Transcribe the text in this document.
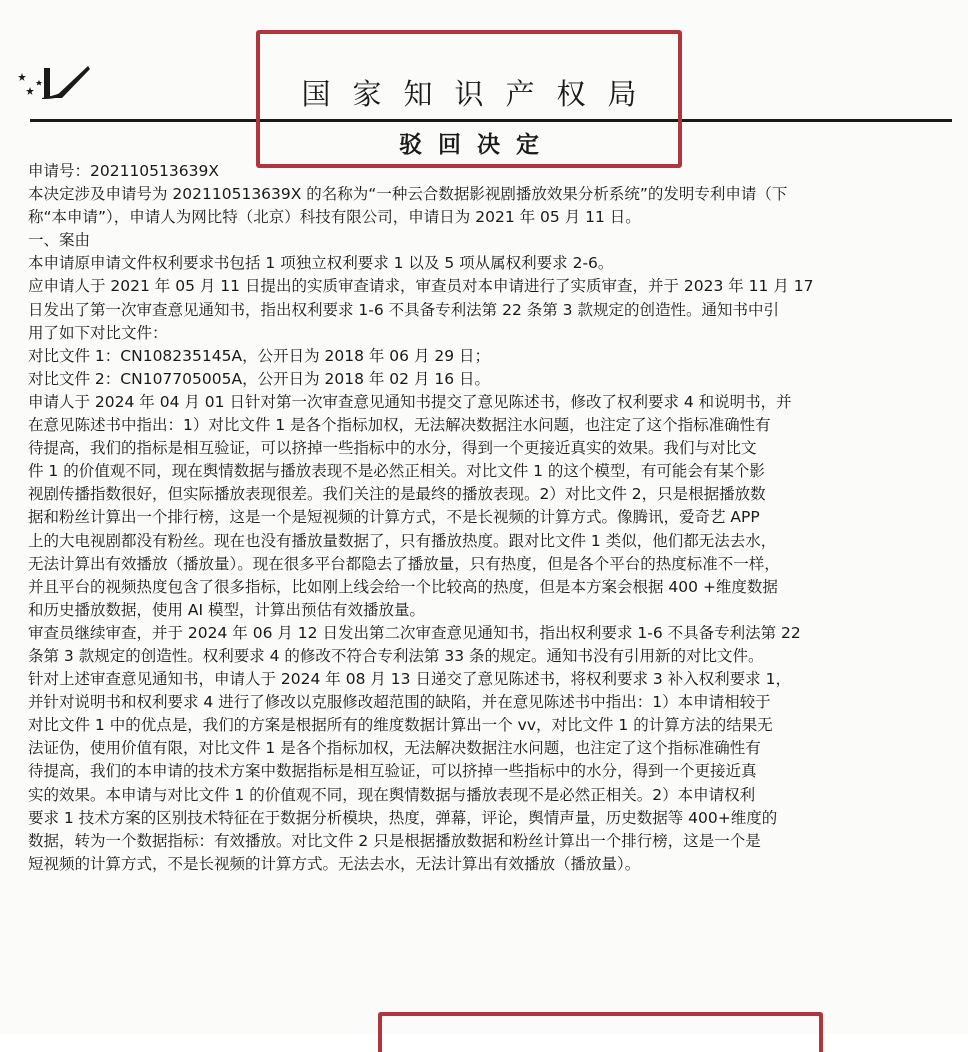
国家知识产权局
驳回决定

申请号：202110513639X

本决定涉及申请号为 202110513639X 的名称为“一种云合数据影视剧播放效果分析系统”的发明专利申请（下

称“本申请”），申请人为网比特（北京）科技有限公司，申请日为 2021 年 05 月 11 日。

一、案由

本申请原申请文件权利要求书包括 1 项独立权利要求 1 以及 5 项从属权利要求 2-6。

应申请人于 2021 年 05 月 11 日提出的实质审查请求，审查员对本申请进行了实质审查，并于 2023 年 11 月 17

日发出了第一次审查意见通知书，指出权利要求 1-6 不具备专利法第 22 条第 3 款规定的创造性。通知书中引

用了如下对比文件：

对比文件 1：CN108235145A，公开日为 2018 年 06 月 29 日；

对比文件 2：CN107705005A，公开日为 2018 年 02 月 16 日。

申请人于 2024 年 04 月 01 日针对第一次审查意见通知书提交了意见陈述书，修改了权利要求 4 和说明书，并

在意见陈述书中指出：1）对比文件 1 是各个指标加权，无法解决数据注水问题，也注定了这个指标准确性有

待提高，我们的指标是相互验证，可以挤掉一些指标中的水分，得到一个更接近真实的效果。我们与对比文

件 1 的价值观不同，现在舆情数据与播放表现不是必然正相关。对比文件 1 的这个模型，有可能会有某个影

视剧传播指数很好，但实际播放表现很差。我们关注的是最终的播放表现。2）对比文件 2，只是根据播放数

据和粉丝计算出一个排行榜，这是一个是短视频的计算方式，不是长视频的计算方式。像腾讯，爱奇艺 APP

上的大电视剧都没有粉丝。现在也没有播放量数据了，只有播放热度。跟对比文件 1 类似，他们都无法去水，

无法计算出有效播放（播放量）。现在很多平台都隐去了播放量，只有热度，但是各个平台的热度标准不一样，

并且平台的视频热度包含了很多指标，比如刚上线会给一个比较高的热度，但是本方案会根据 400 +维度数据

和历史播放数据，使用 AI 模型，计算出预估有效播放量。

审查员继续审查，并于 2024 年 06 月 12 日发出第二次审查意见通知书，指出权利要求 1-6 不具备专利法第 22

条第 3 款规定的创造性。权利要求 4 的修改不符合专利法第 33 条的规定。通知书没有引用新的对比文件。

针对上述审查意见通知书，申请人于 2024 年 08 月 13 日递交了意见陈述书，将权利要求 3 补入权利要求 1，

并针对说明书和权利要求 4 进行了修改以克服修改超范围的缺陷，并在意见陈述书中指出：1）本申请相较于

对比文件 1 中的优点是，我们的方案是根据所有的维度数据计算出一个 vv，对比文件 1 的计算方法的结果无

法证伪，使用价值有限，对比文件 1 是各个指标加权，无法解决数据注水问题，也注定了这个指标准确性有

待提高，我们的本申请的技术方案中数据指标是相互验证，可以挤掉一些指标中的水分，得到一个更接近真

实的效果。本申请与对比文件 1 的价值观不同，现在舆情数据与播放表现不是必然正相关。2）本申请权利

要求 1 技术方案的区别技术特征在于数据分析模块，热度，弹幕，评论，舆情声量，历史数据等 400+维度的

数据，转为一个数据指标：有效播放。对比文件 2 只是根据播放数据和粉丝计算出一个排行榜，这是一个是

短视频的计算方式，不是长视频的计算方式。无法去水，无法计算出有效播放（播放量）。
